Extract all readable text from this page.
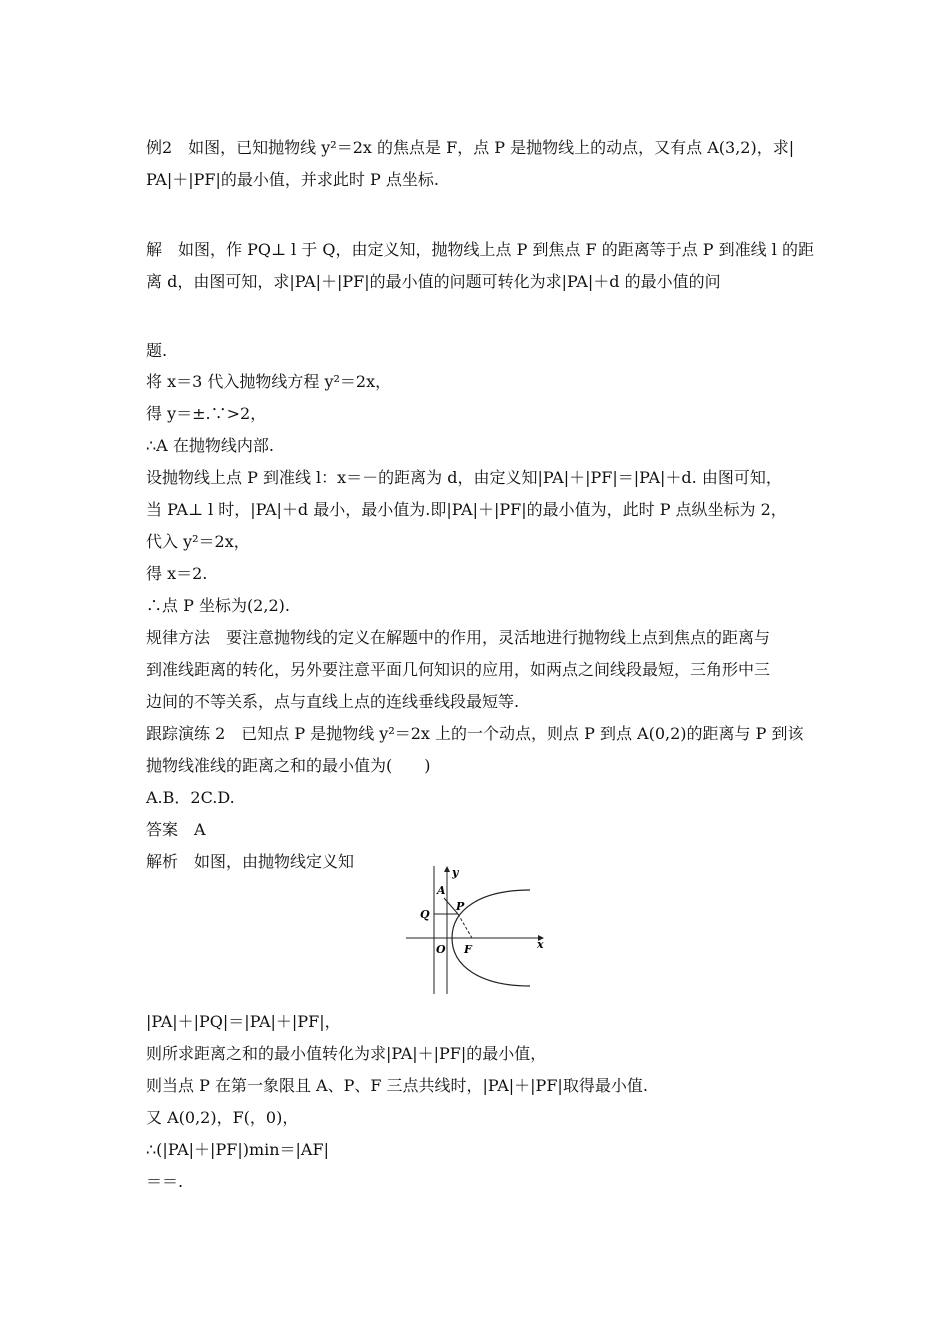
例2　如图，已知抛物线 y²＝2x 的焦点是 F，点 P 是抛物线上的动点，又有点 A(3,2)，求|
PA|＋|PF|的最小值，并求此时 P 点坐标.
解　如图，作 PQ⊥ l 于 Q，由定义知，抛物线上点 P 到焦点 F 的距离等于点 P 到准线 l 的距
离 d，由图可知，求|PA|＋|PF|的最小值的问题可转化为求|PA|＋d 的最小值的问
题.
将 x＝3 代入抛物线方程 y²＝2x，
得 y＝±.∵>2，
∴A 在抛物线内部.
设抛物线上点 P 到准线 l：x＝－的距离为 d，由定义知|PA|＋|PF|＝|PA|＋d. 由图可知，
当 PA⊥ l 时，|PA|＋d 最小，最小值为.即|PA|＋|PF|的最小值为，此时 P 点纵坐标为 2，
代入 y²＝2x，
得 x＝2.
∴点 P 坐标为(2,2).
规律方法　要注意抛物线的定义在解题中的作用，灵活地进行抛物线上点到焦点的距离与
到准线距离的转化，另外要注意平面几何知识的应用，如两点之间线段最短，三角形中三
边间的不等关系，点与直线上点的连线垂线段最短等.
跟踪演练 2　已知点 P 是抛物线 y²＝2x 上的一个动点，则点 P 到点 A(0,2)的距离与 P 到该
抛物线准线的距离之和的最小值为(　　)
A.B．2C.D.
答案　A
解析　如图，由抛物线定义知
y
x
A
P
Q
O F
|PA|＋|PQ|＝|PA|＋|PF|，
则所求距离之和的最小值转化为求|PA|＋|PF|的最小值，
则当点 P 在第一象限且 A、P、F 三点共线时，|PA|＋|PF|取得最小值.
又 A(0,2)，F(，0)，
∴(|PA|＋|PF|)min＝|AF|
＝＝.
